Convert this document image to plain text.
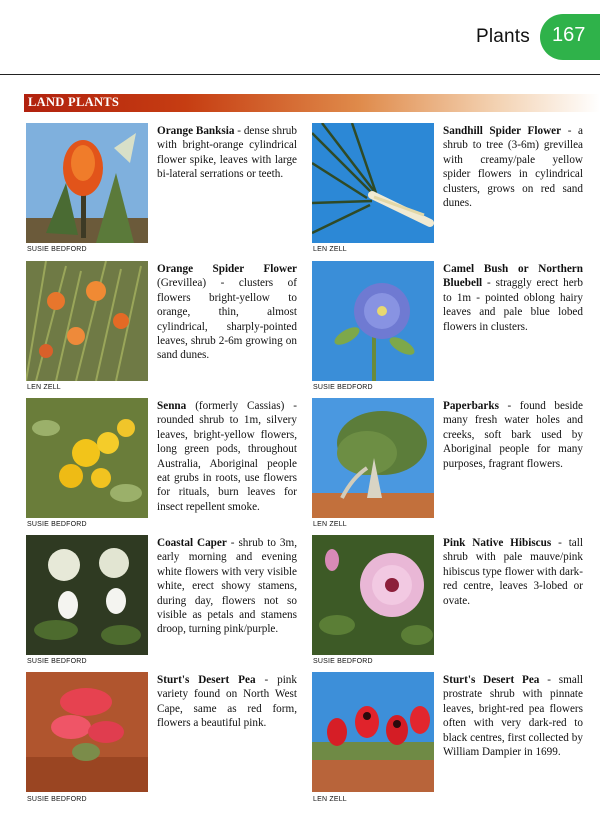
Plants 167
LAND PLANTS
SUSIE BEDFORD
Orange Banksia - dense shrub with bright-orange cylindrical flower spike, leaves with large bi-lateral serrations or teeth.
LEN ZELL
Orange Spider Flower (Grevillea) - clusters of flowers bright-yellow to orange, thin, almost cylindrical, sharply-pointed leaves, shrub 2-6m growing on sand dunes.
SUSIE BEDFORD
Senna (formerly Cassias) - rounded shrub to 1m, silvery leaves, bright-yellow flowers, long green pods, throughout Australia, Aboriginal people eat grubs in roots, use flowers for rituals, burn leaves for insect repellent smoke.
SUSIE BEDFORD
Coastal Caper - shrub to 3m, early morning and evening white flowers with very visible white, erect showy stamens, during day, flowers not so visible as petals and stamens droop, turning pink/purple.
SUSIE BEDFORD
Sturt's Desert Pea - pink variety found on North West Cape, same as red form, flowers a beautiful pink.
LEN ZELL
Sandhill Spider Flower - a shrub to tree (3-6m) grevillea with creamy/pale yellow spider flowers in cylindrical clusters, grows on red sand dunes.
SUSIE BEDFORD
Camel Bush or Northern Bluebell - straggly erect herb to 1m - pointed oblong hairy leaves and pale blue lobed flowers in clusters.
LEN ZELL
Paperbarks - found beside many fresh water holes and creeks, soft bark used by Aboriginal people for many purposes, fragrant flowers.
SUSIE BEDFORD
Pink Native Hibiscus - tall shrub with pale mauve/pink hibiscus type flower with dark-red centre, leaves 3-lobed or ovate.
LEN ZELL
Sturt's Desert Pea - small prostrate shrub with pinnate leaves, bright-red pea flowers often with very dark-red to black centres, first collected by William Dampier in 1699.
